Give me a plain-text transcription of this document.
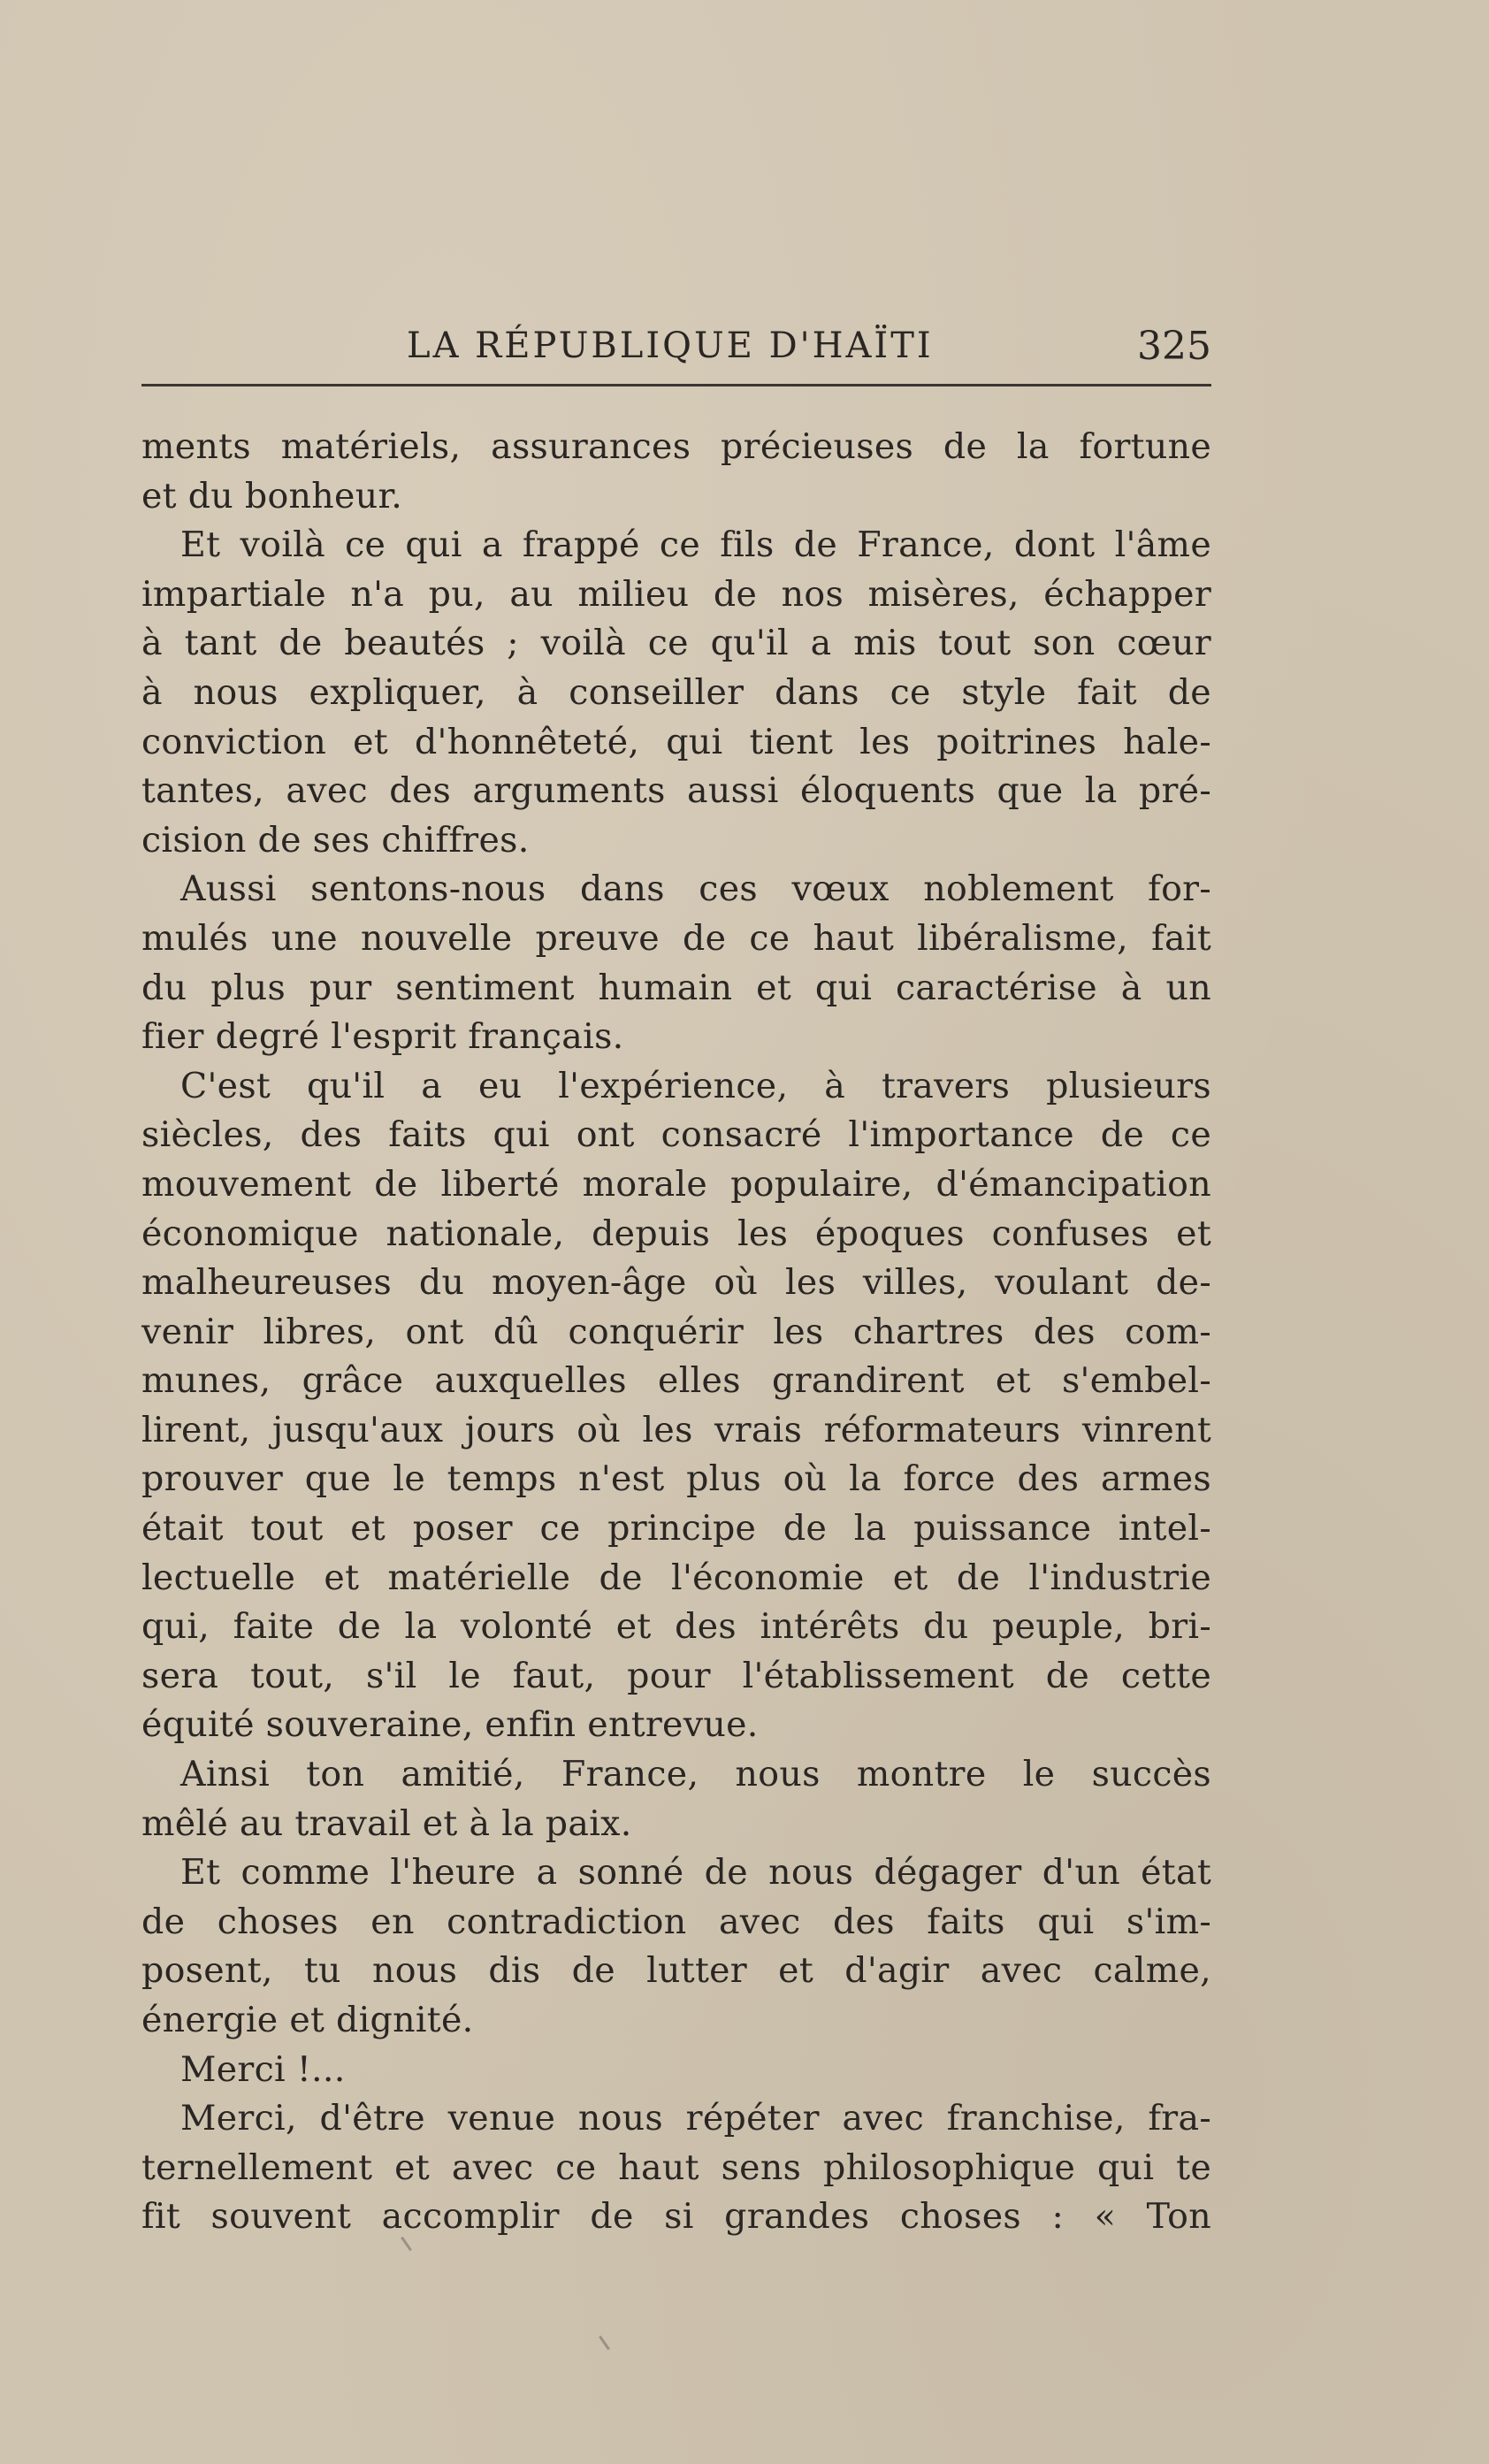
LA RÉPUBLIQUE D'HAÏTI	325
ments matériels, assurances précieuses de la fortune
et du bonheur.
Et voilà ce qui a frappé ce fils de France, dont l'âme
impartiale n'a pu, au milieu de nos misères, échapper
à tant de beautés ; voilà ce qu'il a mis tout son cœur
à nous expliquer, à conseiller dans ce style fait de
conviction et d'honnêteté, qui tient les poitrines hale-
tantes, avec des arguments aussi éloquents que la pré-
cision de ses chiffres.
Aussi sentons-nous dans ces vœux noblement for-
mulés une nouvelle preuve de ce haut libéralisme, fait
du plus pur sentiment humain et qui caractérise à un
fier degré l'esprit français.
C'est qu'il a eu l'expérience, à travers plusieurs
siècles, des faits qui ont consacré l'importance de ce
mouvement de liberté morale populaire, d'émancipation
économique nationale, depuis les époques confuses et
malheureuses du moyen-âge où les villes, voulant de-
venir libres, ont dû conquérir les chartres des com-
munes, grâce auxquelles elles grandirent et s'embel-
lirent, jusqu'aux jours où les vrais réformateurs vinrent
prouver que le temps n'est plus où la force des armes
était tout et poser ce principe de la puissance intel-
lectuelle et matérielle de l'économie et de l'industrie
qui, faite de la volonté et des intérêts du peuple, bri-
sera tout, s'il le faut, pour l'établissement de cette
équité souveraine, enfin entrevue.
Ainsi ton amitié, France, nous montre le succès
mêlé au travail et à la paix.
Et comme l'heure a sonné de nous dégager d'un état
de choses en contradiction avec des faits qui s'im-
posent, tu nous dis de lutter et d'agir avec calme,
énergie et dignité.
Merci !...
Merci, d'être venue nous répéter avec franchise, fra-
ternellement et avec ce haut sens philosophique qui te
fit souvent accomplir de si grandes choses : « Ton
